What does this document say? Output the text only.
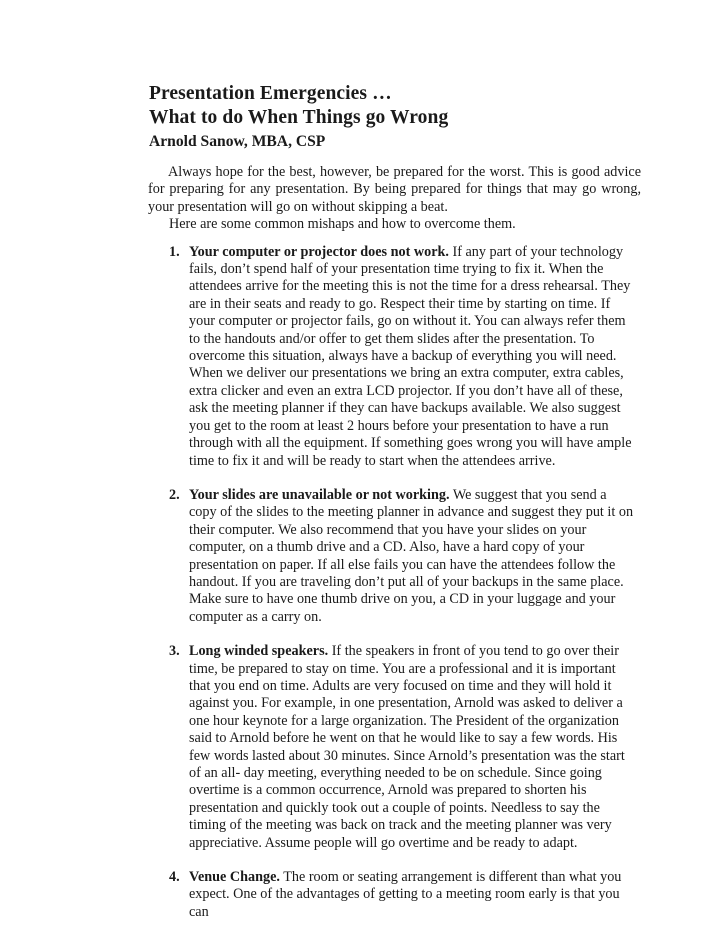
Presentation Emergencies …
What to do When Things go Wrong
Arnold Sanow, MBA, CSP

Always hope for the best, however, be prepared for the worst. This is good advice for preparing for any presentation. By being prepared for things that may go wrong, your presentation will go on without skipping a beat.

Here are some common mishaps and how to overcome them.

1. Your computer or projector does not work. If any part of your technology fails, don’t spend half of your presentation time trying to fix it. When the attendees arrive for the meeting this is not the time for a dress rehearsal. They are in their seats and ready to go. Respect their time by starting on time. If your computer or projector fails, go on without it. You can always refer them to the handouts and/or offer to get them slides after the presentation. To overcome this situation, always have a backup of everything you will need. When we deliver our presentations we bring an extra computer, extra cables, extra clicker and even an extra LCD projector. If you don’t have all of these, ask the meeting planner if they can have backups available. We also suggest you get to the room at least 2 hours before your presentation to have a run through with all the equipment. If something goes wrong you will have ample time to fix it and will be ready to start when the attendees arrive.
2. Your slides are unavailable or not working. We suggest that you send a copy of the slides to the meeting planner in advance and suggest they put it on their computer. We also recommend that you have your slides on your computer, on a thumb drive and a CD. Also, have a hard copy of your presentation on paper. If all else fails you can have the attendees follow the handout. If you are traveling don’t put all of your backups in the same place. Make sure to have one thumb drive on you, a CD in your luggage and your computer as a carry on.
3. Long winded speakers. If the speakers in front of you tend to go over their time, be prepared to stay on time. You are a professional and it is important that you end on time. Adults are very focused on time and they will hold it against you. For example, in one presentation, Arnold was asked to deliver a one hour keynote for a large organization. The President of the organization said to Arnold before he went on that he would like to say a few words. His few words lasted about 30 minutes. Since Arnold’s presentation was the start of an all- day meeting, everything needed to be on schedule. Since going overtime is a common occurrence, Arnold was prepared to shorten his presentation and quickly took out a couple of points. Needless to say the timing of the meeting was back on track and the meeting planner was very appreciative. Assume people will go overtime and be ready to adapt.
4. Venue Change. The room or seating arrangement is different than what you expect. One of the advantages of getting to a meeting room early is that you can
